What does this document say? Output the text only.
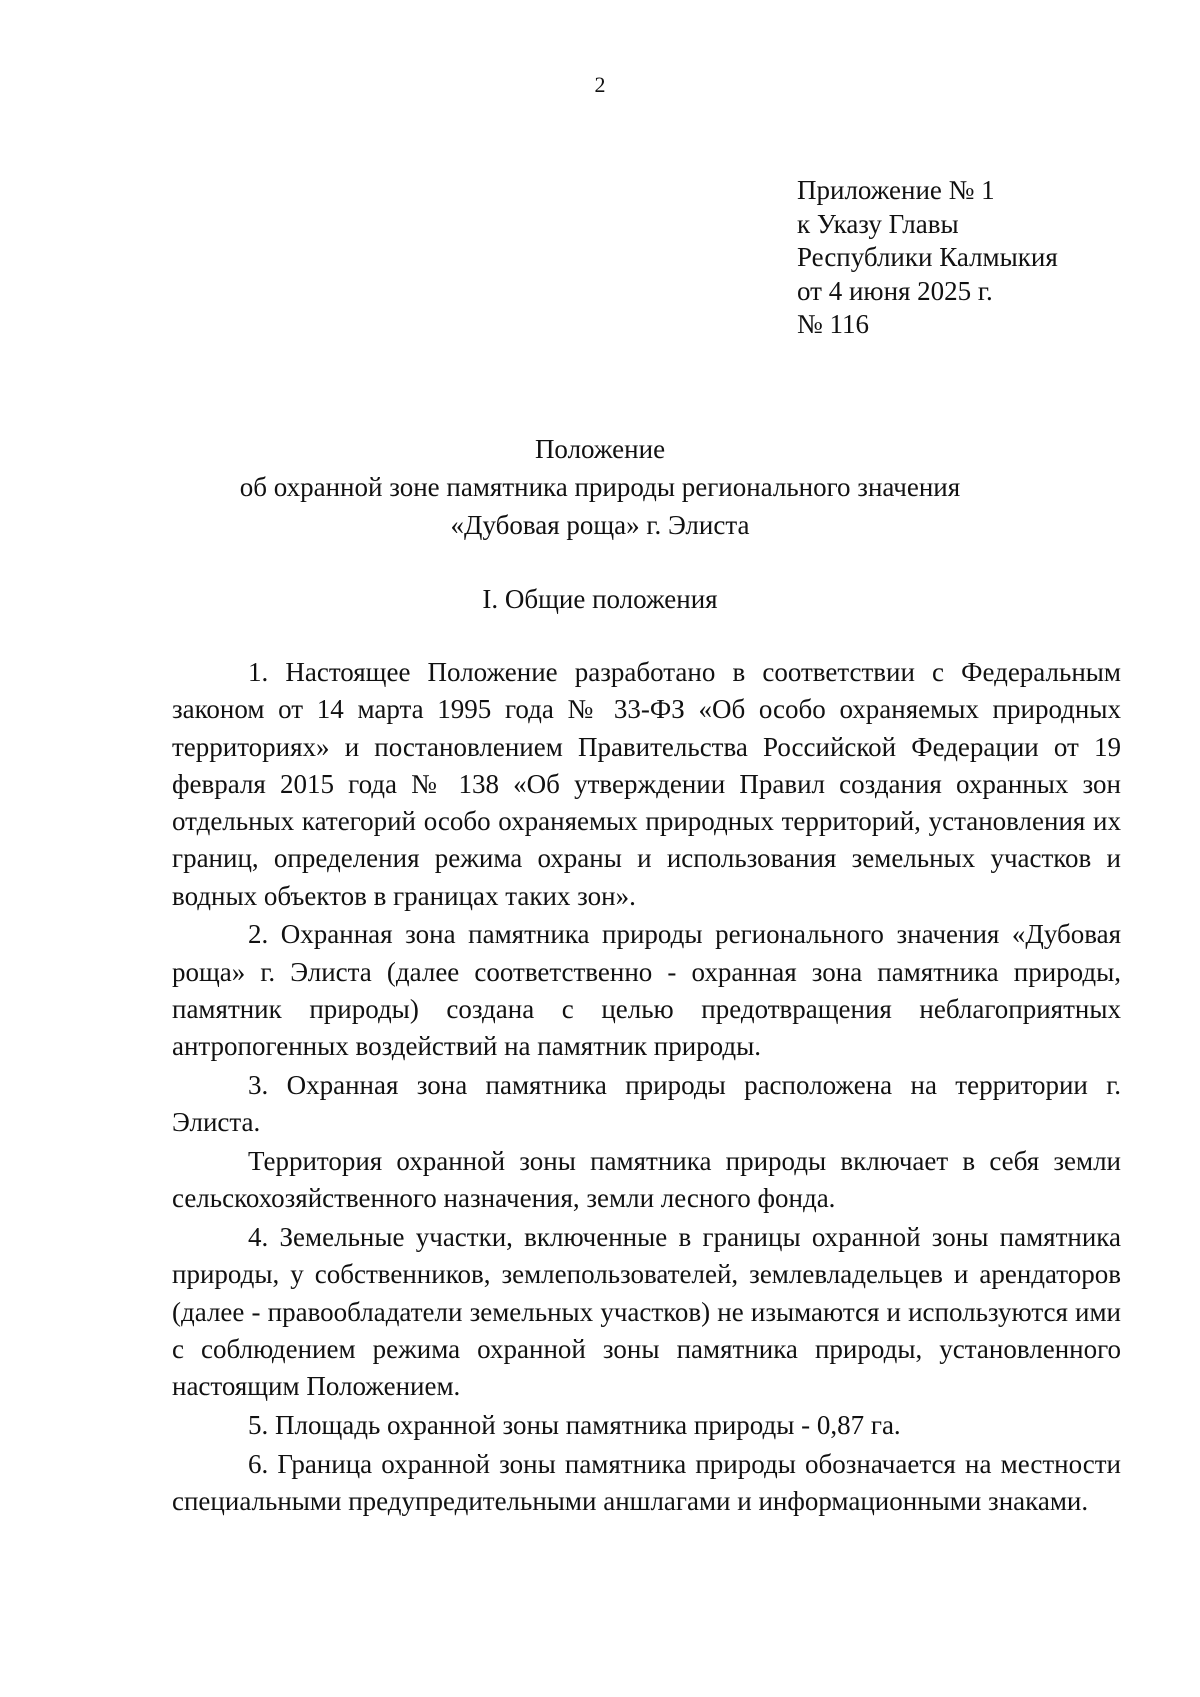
2
Приложение № 1
к Указу Главы
Республики Калмыкия
от 4 июня 2025 г.
№ 116
Положение
об охранной зоне памятника природы регионального значения
«Дубовая роща» г. Элиста
I. Общие положения

1. Настоящее Положение разработано в соответствии с Федеральным законом от 14 марта 1995 года № 33-ФЗ «Об особо охраняемых природных территориях» и постановлением Правительства Российской Федерации от 19 февраля 2015 года № 138 «Об утверждении Правил создания охранных зон отдельных категорий особо охраняемых природных территорий, установления их границ, определения режима охраны и использования земельных участков и водных объектов в границах таких зон».

2. Охранная зона памятника природы регионального значения «Дубовая роща» г. Элиста (далее соответственно - охранная зона памятника природы, памятник природы) создана с целью предотвращения неблагоприятных антропогенных воздействий на памятник природы.

3. Охранная зона памятника природы расположена на территории г. Элиста.

Территория охранной зоны памятника природы включает в себя земли сельскохозяйственного назначения, земли лесного фонда.

4. Земельные участки, включенные в границы охранной зоны памятника природы, у собственников, землепользователей, землевладельцев и арендаторов (далее - правообладатели земельных участков) не изымаются и используются ими с соблюдением режима охранной зоны памятника природы, установленного настоящим Положением.

5. Площадь охранной зоны памятника природы - 0,87 га.

6. Граница охранной зоны памятника природы обозначается на местности специальными предупредительными аншлагами и информационными знаками.
